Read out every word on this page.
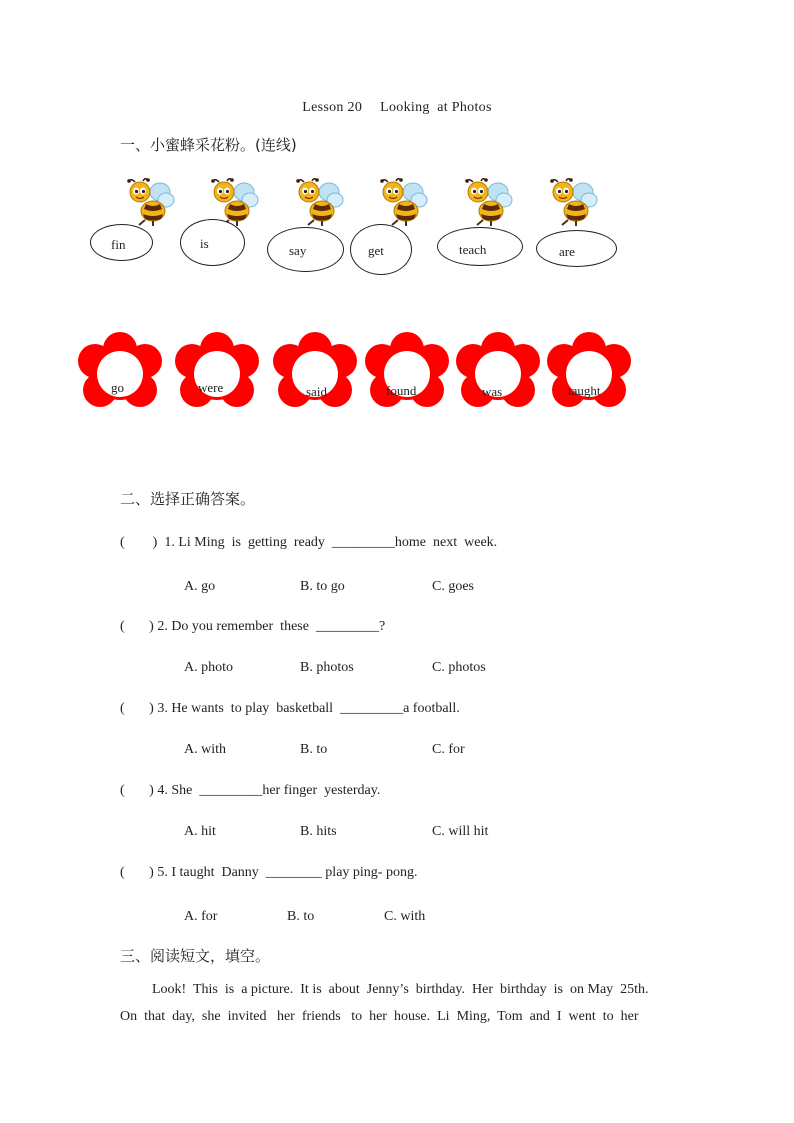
Lesson 20 Looking  at Photos
一、小蜜蜂采花粉。(连线)
fin	is	say	get	teach	are
go	were	said	found	was	taught
二、选择正确答案。
(        )  1. Li Ming  is  getting  ready  _________home  next  week.
A. go	B. to go	C. goes
(       ) 2. Do you remember  these  _________?
A. photo	B. photos	C. photos
(       ) 3. He wants  to play  basketball  _________a football.
A. with	B. to	C. for
(       ) 4. She  _________her finger  yesterday.
A. hit	B. hits	C. will hit
(       ) 5. I taught  Danny  ________ play ping- pong.
A. for	B. to	C. with
三、阅读短文，填空。

Look!  This  is  a picture.  It is  about  Jenny’s  birthday.  Her  birthday  is  on May  25th.

On  that  day,  she  invited   her  friends   to  her  house.  Li  Ming,  Tom  and  I  went  to  her
